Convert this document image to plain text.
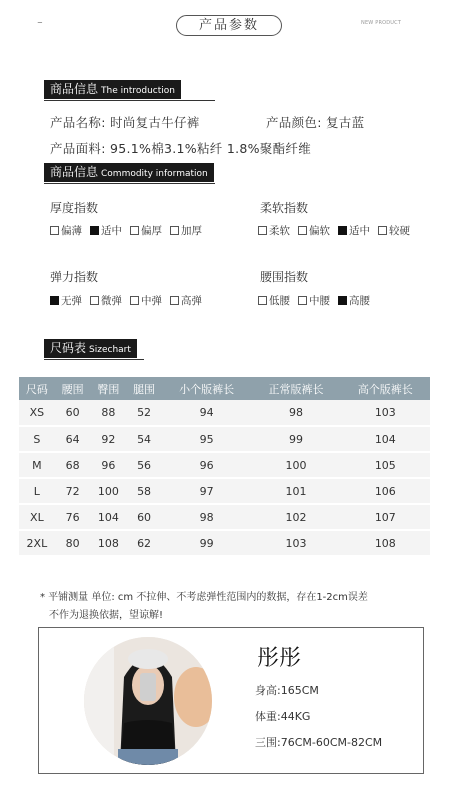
⁻	产品参数	NEW PRODUCT
商品信息 The introduction
产品名称: 时尚复古牛仔裤	产品颜色: 复古蓝
产品面料: 95.1%棉3.1%粘纤 1.8%聚酯纤维
商品信息 Commodity information
厚度指数
偏薄 适中 偏厚 加厚
柔软指数
柔软 偏软 适中 较硬
弹力指数
无弹 微弹 中弹 高弹
腰围指数
低腰 中腰 高腰
尺码表 Sizechart
尺码	腰围	臀围	腿围	小个版裤长	正常版裤长	高个版裤长
XS	60	88	52	94	98	103
S	64	92	54	95	99	104
M	68	96	56	96	100	105
L	72	100	58	97	101	106
XL	76	104	60	98	102	107
2XL	80	108	62	99	103	108
* 平铺测量 单位: cm 不拉伸、不考虑弹性范围内的数据，存在1-2cm误差
不作为退换依据，望谅解!
彤彤
身高:165CM
体重:44KG
三围:76CM-60CM-82CM
